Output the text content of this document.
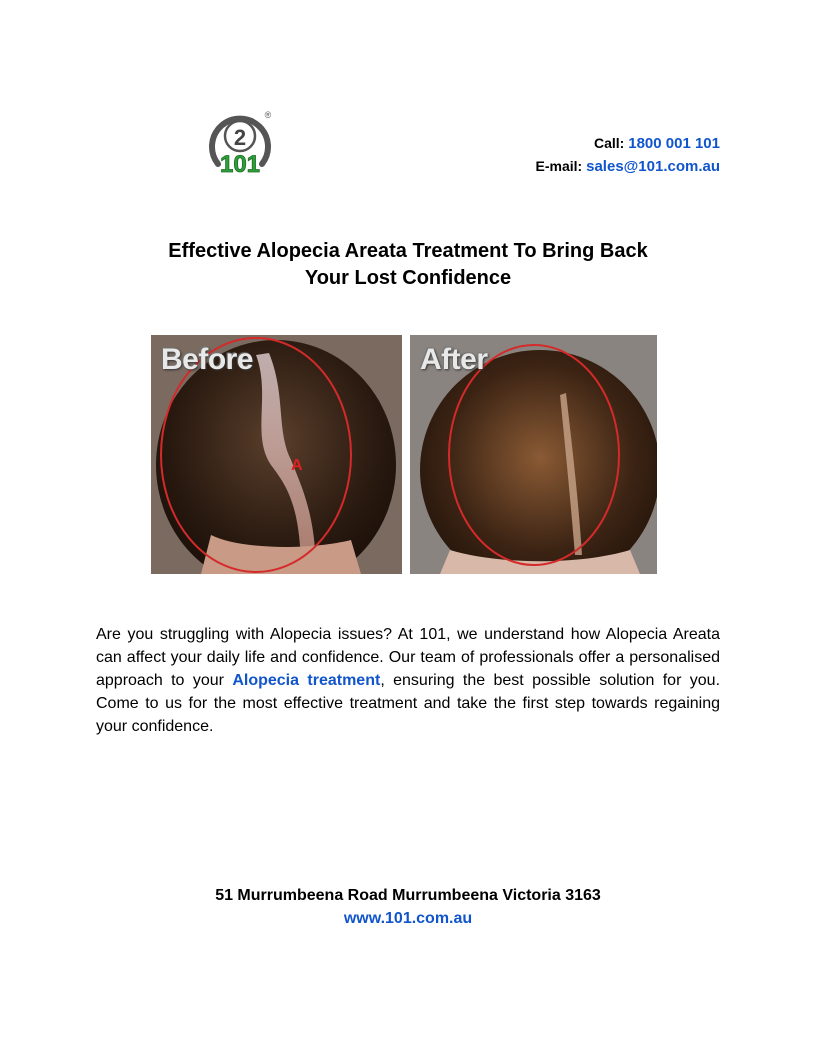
2
101
®
Call: 1800 001 101
E-mail: sales@101.com.au
Effective Alopecia Areata Treatment To Bring Back
Your Lost Confidence
Before
A
After
Are you struggling with Alopecia issues? At 101, we understand how Alopecia Areata can affect your daily life and confidence. Our team of professionals offer a personalised approach to your Alopecia treatment, ensuring the best possible solution for you. Come to us for the most effective treatment and take the first step towards regaining your confidence.
51 Murrumbeena Road Murrumbeena Victoria 3163
www.101.com.au
